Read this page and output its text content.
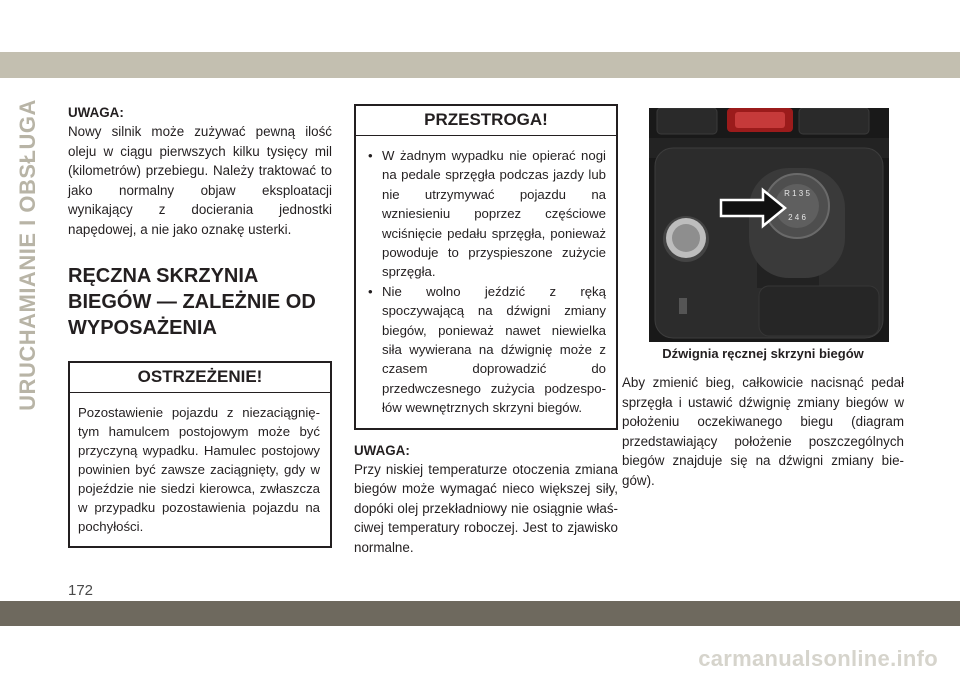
URUCHAMIANIE I OBSŁUGA UWAGA:

Nowy silnik może zużywać pewną ilość oleju w ciągu pierwszych kilku tysięcy mil (kilometrów) przebiegu. Należy traktować to jako normalny objaw eksploatacji wynikający z docierania jednostki napędowej, a nie jako oznakę usterki.

RĘCZNA SKRZYNIA
BIEGÓW — ZALEŻNIE OD
WYPOSAŻENIA
OSTRZEŻENIE!
Pozostawienie pojazdu z niezaciągniętym hamulcem postojowym może być przyczyną wypadku. Hamulec postojowy powinien być zawsze zaciągnięty, gdy w pojeździe nie siedzi kierowca, zwłaszcza w przypadku pozostawienia pojazdu na pochyłości.
PRZESTROGA!
• W żadnym wypadku nie opierać nogi na pedale sprzęgła podczas jazdy lub nie utrzymywać pojazdu na wzniesieniu poprzez częściowe wciśnięcie pedału sprzęgła, ponieważ powoduje to przyspieszone zużycie sprzęgła.
• Nie wolno jeździć z ręką spoczywającą na dźwigni zmiany biegów, ponieważ nawet niewielka siła wywierana na dźwignię może z czasem doprowadzić do przedwczesnego zużycia podzespołów wewnętrznych skrzyni biegów.
UWAGA:

Przy niskiej temperaturze otoczenia zmiana biegów może wymagać nieco większej siły, dopóki olej przekładniowy nie osiągnie właściwej temperatury roboczej. Jest to zjawisko normalne.

R 1 3 5
2 4 6
Dźwignia ręcznej skrzyni biegów

Aby zmienić bieg, całkowicie nacisnąć pedał sprzęgła i ustawić dźwignię zmiany biegów w położeniu oczekiwanego biegu (diagram przedstawiający położenie poszczególnych biegów znajduje się na dźwigni zmiany biegów).

172
carmanualsonline.info
